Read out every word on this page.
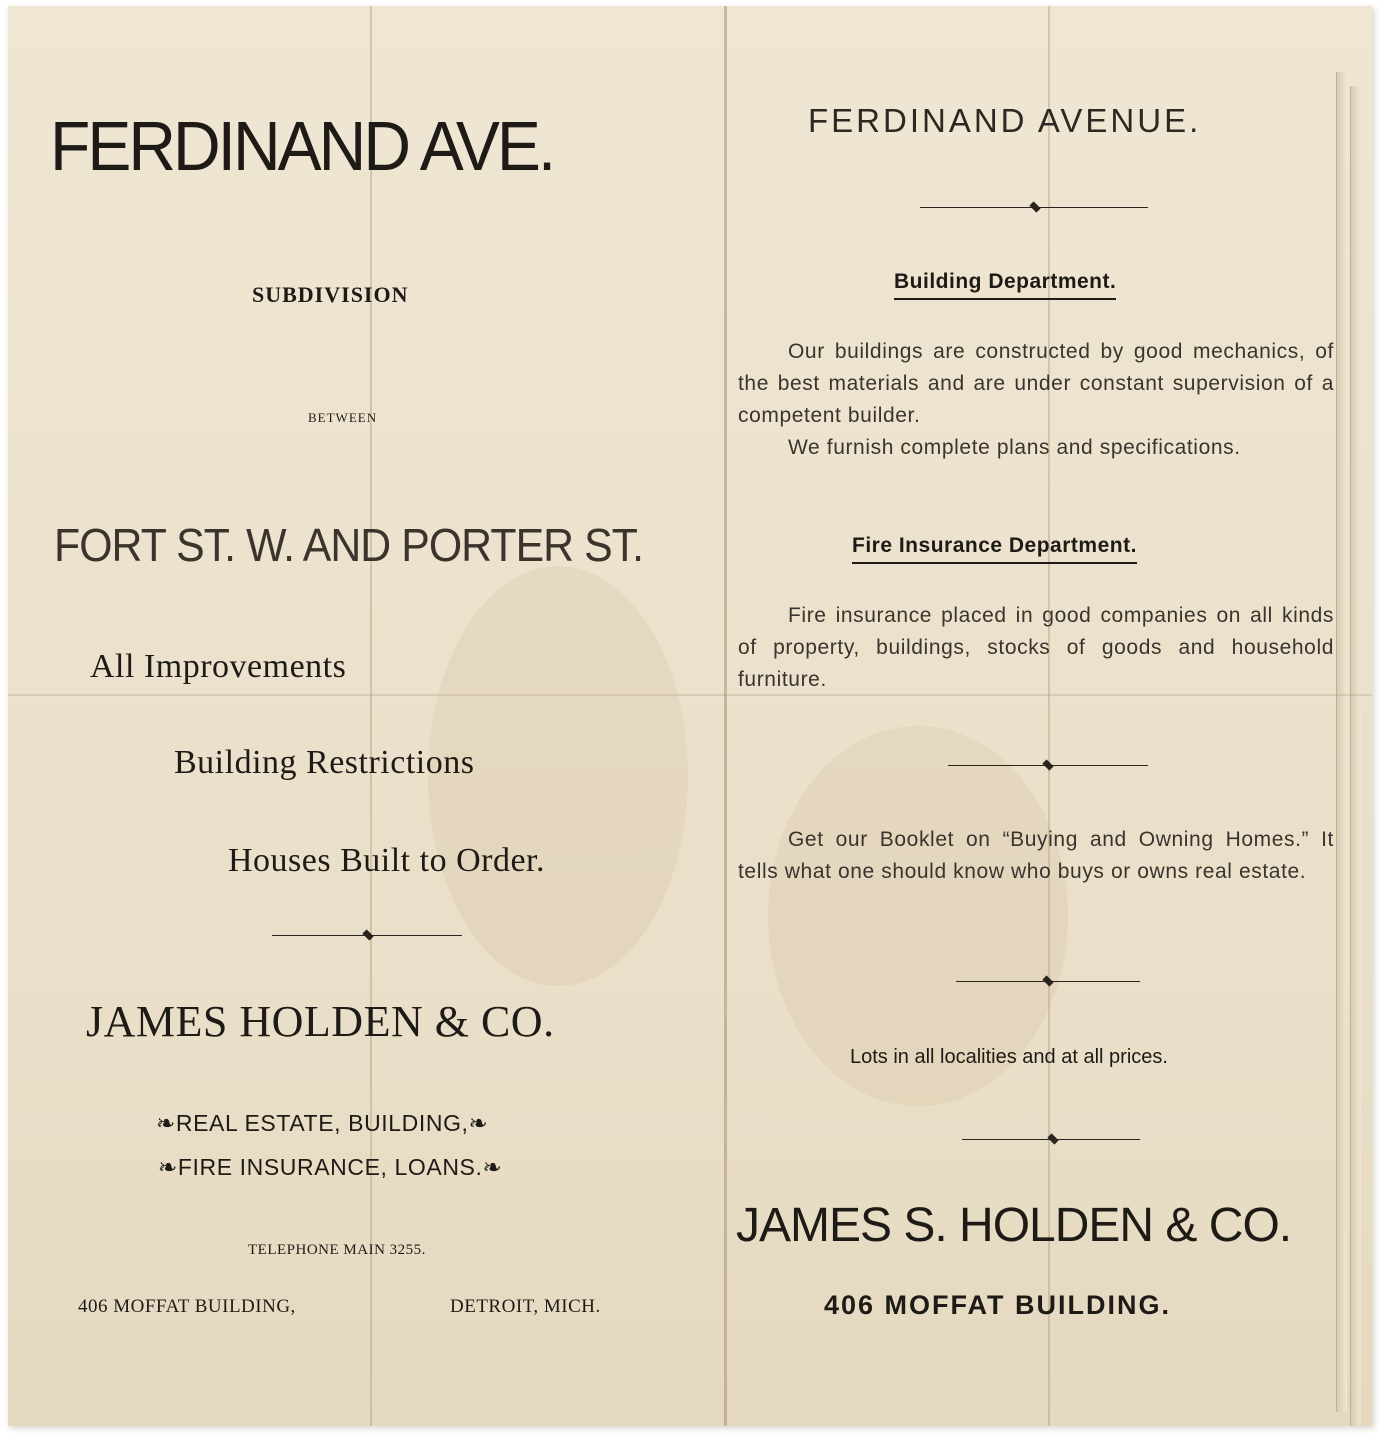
FERDINAND AVE.
SUBDIVISION
BETWEEN
FORT ST. W. AND PORTER ST.
All Improvements
Building Restrictions
Houses Built to Order.
JAMES HOLDEN & CO.
❧REAL ESTATE, BUILDING,❧
❧FIRE INSURANCE, LOANS.❧
TELEPHONE MAIN 3255.
406 MOFFAT BUILDING,	DETROIT, MICH.
FERDINAND AVENUE.
Building Department.

Our buildings are constructed by good mechanics, of the best materials and are under constant supervision of a competent builder.

We furnish complete plans and specifications.

Fire Insurance Department.

Fire insurance placed in good companies on all kinds of property, buildings, stocks of goods and household furniture.

Get our Booklet on “Buying and Owning Homes.” It tells what one should know who buys or owns real estate.

Lots in all localities and at all prices.
JAMES S. HOLDEN & CO.
406 MOFFAT BUILDING.
